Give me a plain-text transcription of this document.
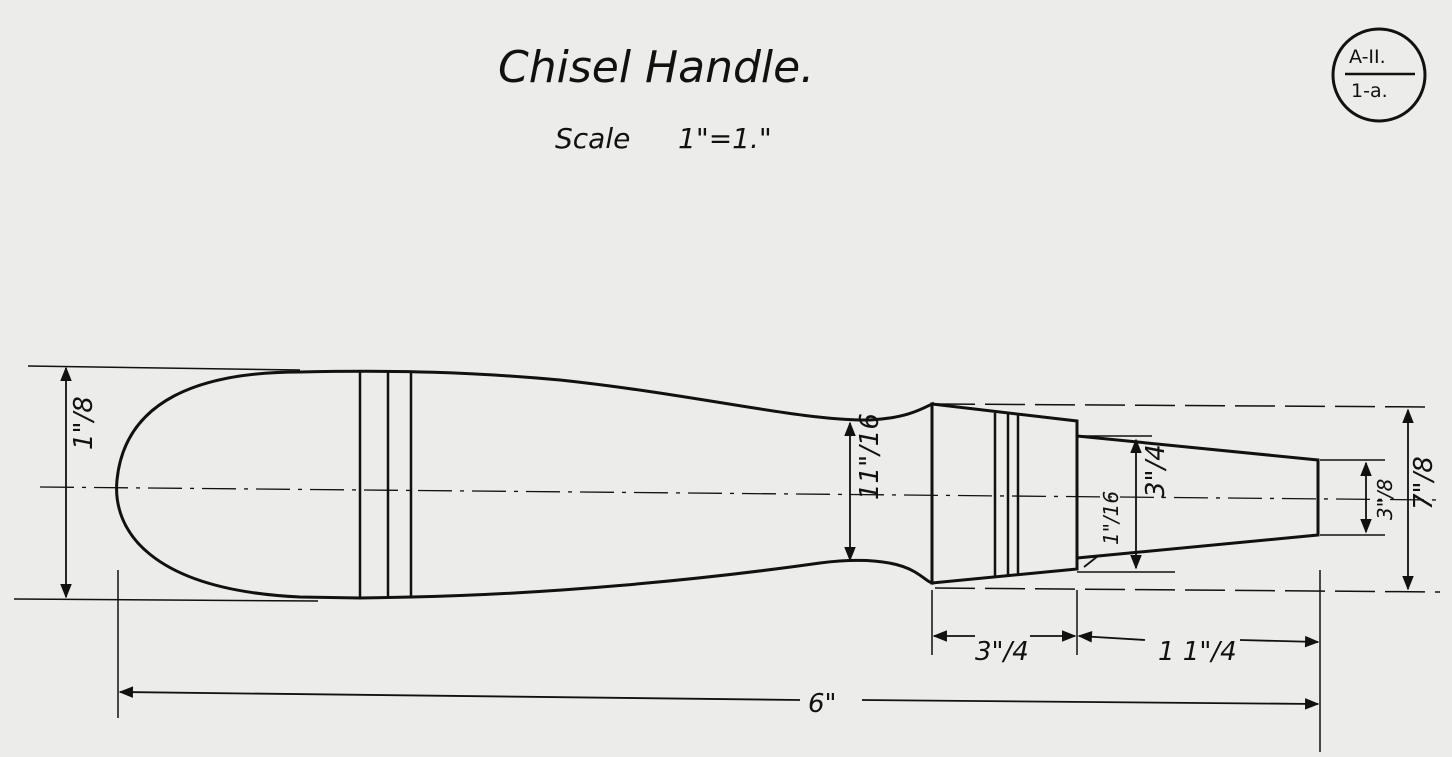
Chisel Handle.
Scale 1"=1."
A-II.
1-a.
1"/8	11"/16	3"/4
1"/16	3"/8 7"/8
3"/4	1 1"/4
6"
